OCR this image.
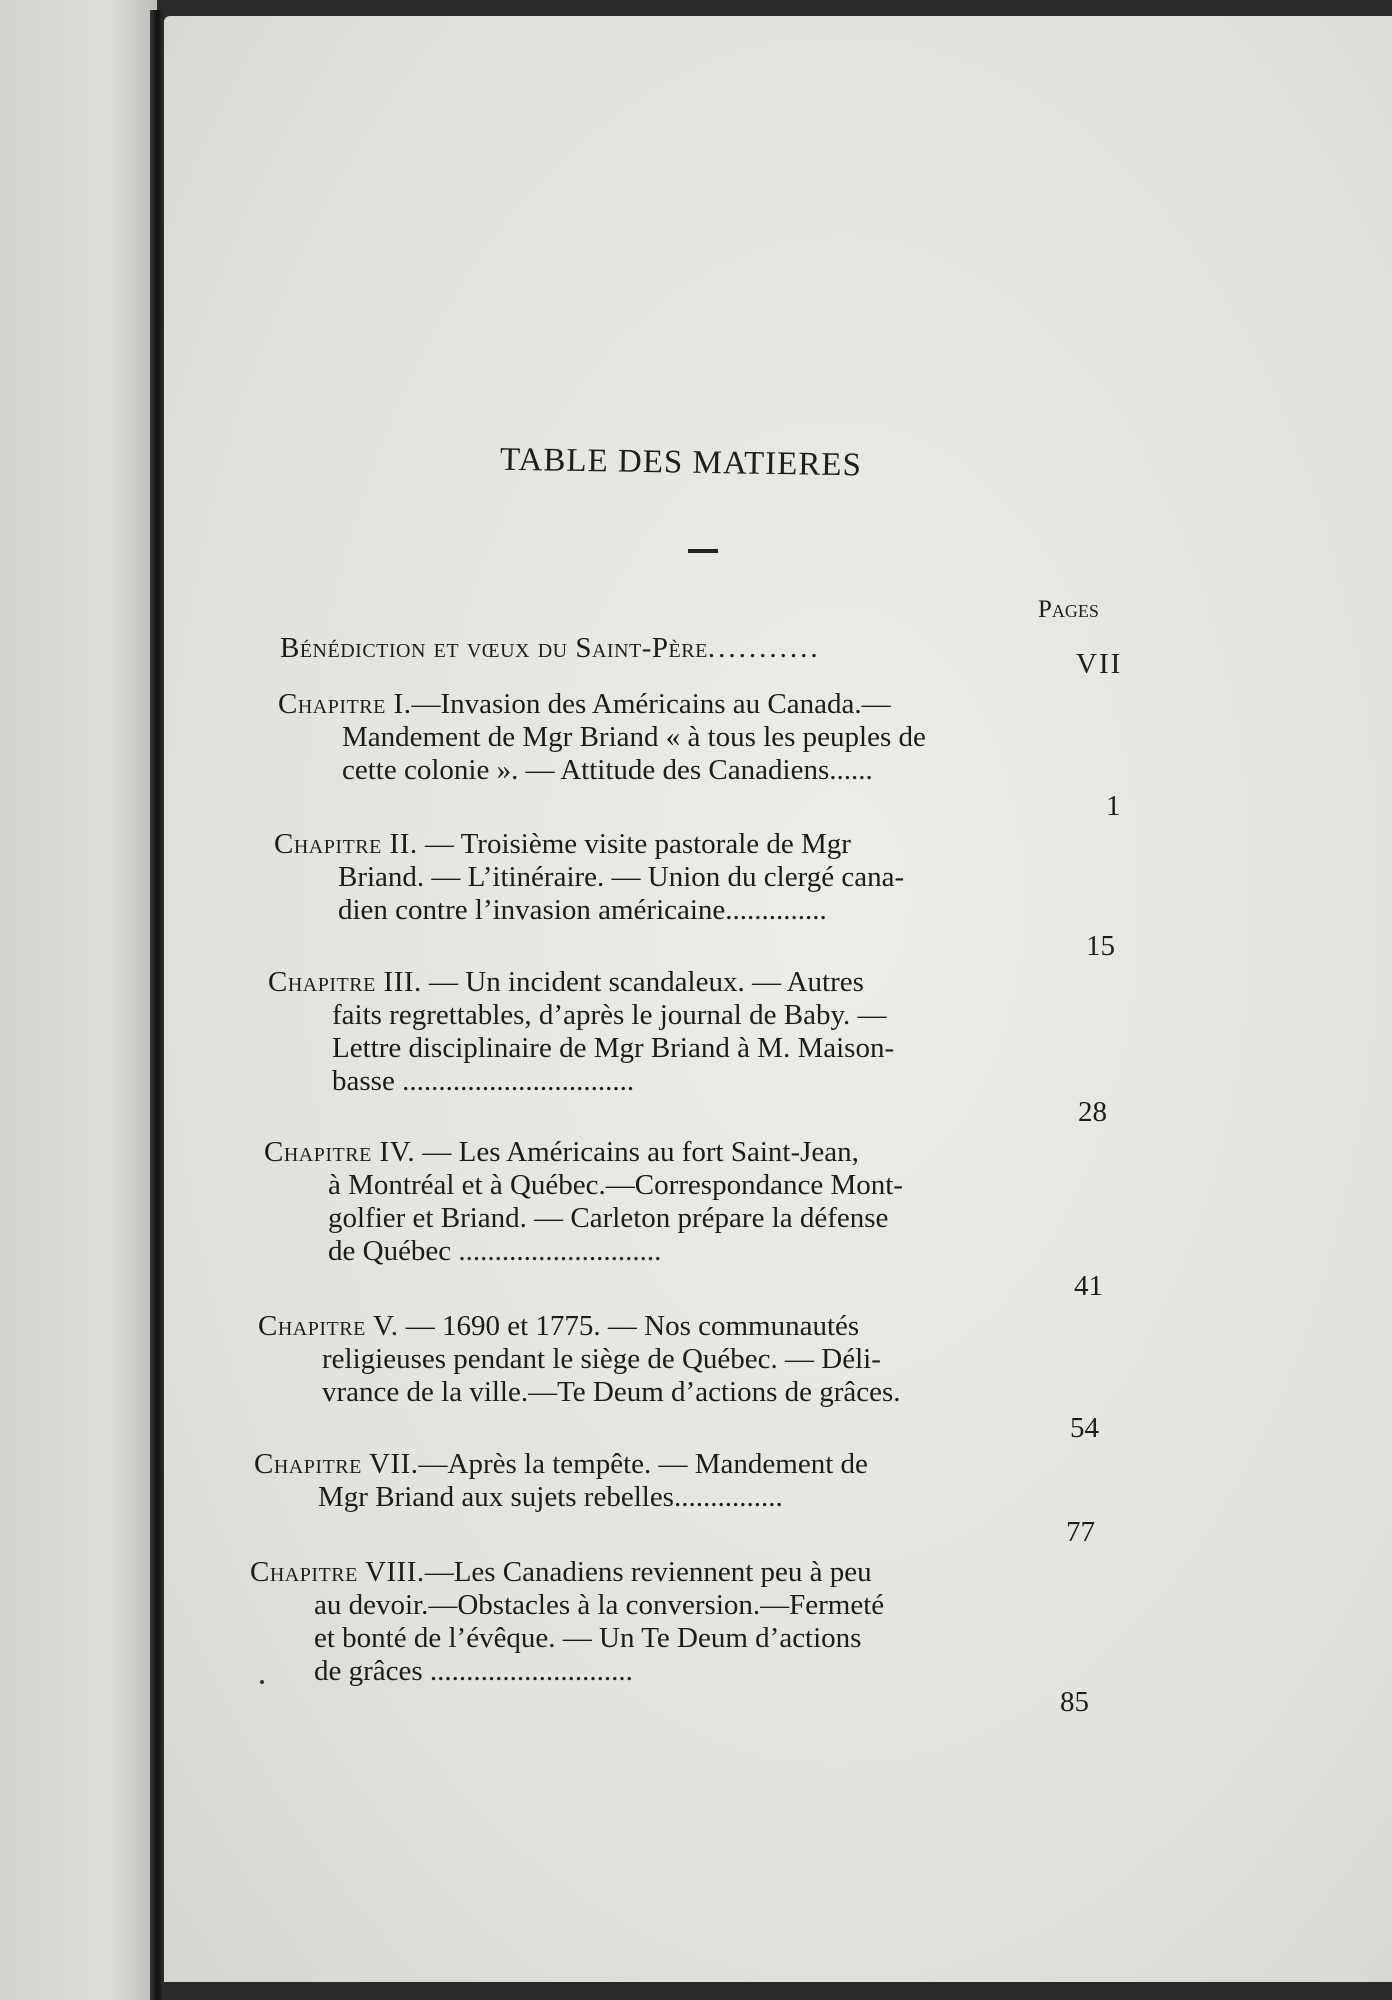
TABLE DES MATIERES
Pages
Bénédiction et vœux du Saint-Père...........	VII
Chapitre I.—Invasion des Américains au Canada.—
Mandement de Mgr Briand « à tous les peuples de
cette colonie ». — Attitude des Canadiens......
1
Chapitre II. — Troisième visite pastorale de Mgr
Briand. — L’itinéraire. — Union du clergé cana-
dien contre l’invasion américaine..............
15
Chapitre III. — Un incident scandaleux. — Autres
faits regrettables, d’après le journal de Baby. —
Lettre disciplinaire de Mgr Briand à M. Maison-
basse ................................
28
Chapitre IV. — Les Américains au fort Saint-Jean,
à Montréal et à Québec.—Correspondance Mont-
golfier et Briand. — Carleton prépare la défense
de Québec ............................
41
Chapitre V. — 1690 et 1775. — Nos communautés
religieuses pendant le siège de Québec. — Déli-
vrance de la ville.—Te Deum d’actions de grâces.
54
Chapitre VII.—Après la tempête. — Mandement de
Mgr Briand aux sujets rebelles...............
77
Chapitre VIII.—Les Canadiens reviennent peu à peu
au devoir.—Obstacles à la conversion.—Fermeté
et bonté de l’évêque. — Un Te Deum d’actions
de grâces ............................
85
